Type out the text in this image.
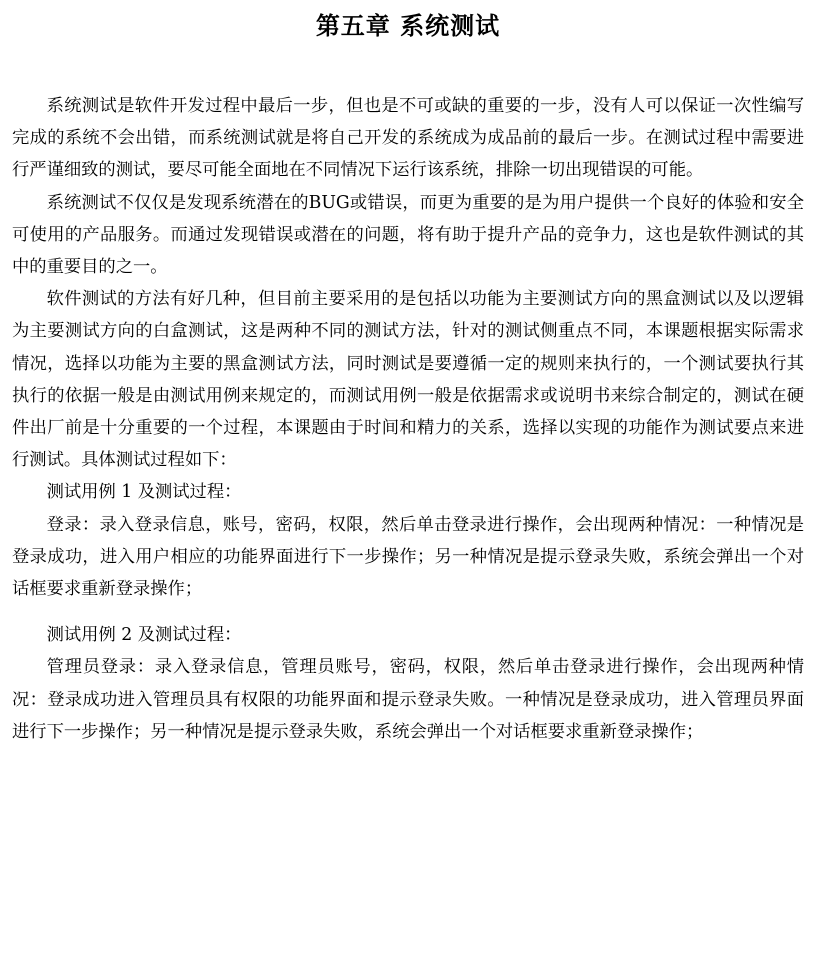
第五章 系统测试

系统测试是软件开发过程中最后一步，但也是不可或缺的重要的一步，没有人可以保证一次性编写完成的系统不会出错，而系统测试就是将自己开发的系统成为成品前的最后一步。在测试过程中需要进行严谨细致的测试，要尽可能全面地在不同情况下运行该系统，排除一切出现错误的可能。

系统测试不仅仅是发现系统潜在的BUG或错误，而更为重要的是为用户提供一个良好的体验和安全可使用的产品服务。而通过发现错误或潜在的问题，将有助于提升产品的竞争力，这也是软件测试的其中的重要目的之一。

软件测试的方法有好几种，但目前主要采用的是包括以功能为主要测试方向的黑盒测试以及以逻辑为主要测试方向的白盒测试，这是两种不同的测试方法，针对的测试侧重点不同，本课题根据实际需求情况，选择以功能为主要的黑盒测试方法，同时测试是要遵循一定的规则来执行的，一个测试要执行其执行的依据一般是由测试用例来规定的，而测试用例一般是依据需求或说明书来综合制定的，测试在硬件出厂前是十分重要的一个过程，本课题由于时间和精力的关系，选择以实现的功能作为测试要点来进行测试。具体测试过程如下：

测试用例 1 及测试过程：

登录：录入登录信息，账号，密码，权限，然后单击登录进行操作，会出现两种情况：一种情况是登录成功，进入用户相应的功能界面进行下一步操作；另一种情况是提示登录失败，系统会弹出一个对话框要求重新登录操作；

测试用例 2 及测试过程：

管理员登录：录入登录信息，管理员账号，密码，权限，然后单击登录进行操作，会出现两种情况：登录成功进入管理员具有权限的功能界面和提示登录失败。一种情况是登录成功，进入管理员界面进行下一步操作；另一种情况是提示登录失败，系统会弹出一个对话框要求重新登录操作；
